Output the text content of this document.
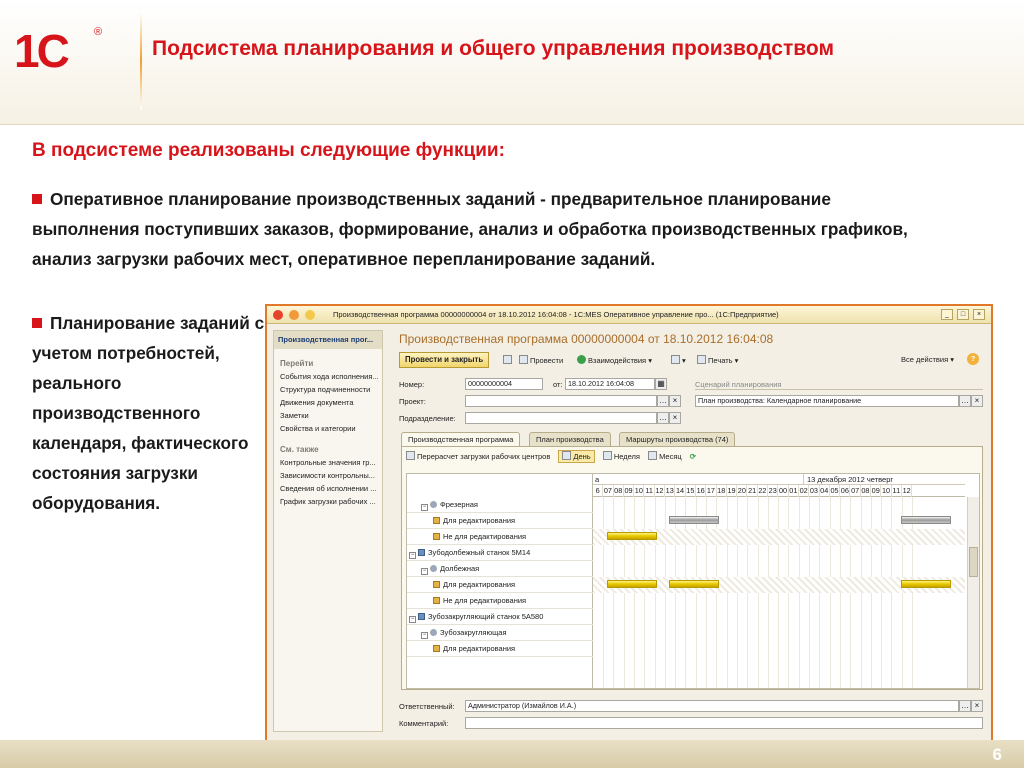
1С ®
Подсистема планирования и общего управления производством
В подсистеме реализованы следующие функции:
Оперативное планирование производственных заданий - предварительное планирование выполнения поступивших заказов, формирование, анализ и обработка производственных графиков, анализ загрузки рабочих мест, оперативное перепланирование заданий.
Планирование заданий с учетом потребностей, реального производственного календаря, фактического состояния загрузки оборудования.
Производственная программа 00000000004 от 18.10.2012 16:04:08 - 1С:MES Оперативное управление про... (1С:Предприятие)	_	□	×
Производственная прог...
Перейти
События хода исполнения...
Структура подчиненности
Движения документа
Заметки
Свойства и категории
См. также
Контрольные значения гр...
Зависимости контрольны...
Сведения об исполнении ...
График загрузки рабочих ...
Производственная программа 00000000004 от 18.10.2012 16:04:08
Провести и закрыть	Провести	Взаимодействия ▾	▾	Печать ▾	Все действия ▾	?
Номер:	00000000004	от: 18.10.2012 16:04:08	▦	Сценарий планирования
Проект:	… ×	План производства: Календарное планирование	… ×
Подразделение:	… ×
Производственная программа	План производства	Маршруты производства (74)
Перерасчет загрузки рабочих центров	День	Неделя	Месяц ⟳
− Фрезерная
Для редактирования
Не для редактирования
− Зубодолбежный станок 5М14
− Долбежная
Для редактирования
Не для редактирования
− Зубозакругляющий станок 5А580
− Зубозакругляющая
Для редактирования
а	13 декабря 2012 четверг
6 07 08 09 10 11 12 13 14 15 16 17 18 19 20 21 22 23 00 01 02 03 04 05 06 07 08 09 10 11 12
Ответственный:	Администратор (Измайлов И.А.)	… ×
Комментарий:
6
